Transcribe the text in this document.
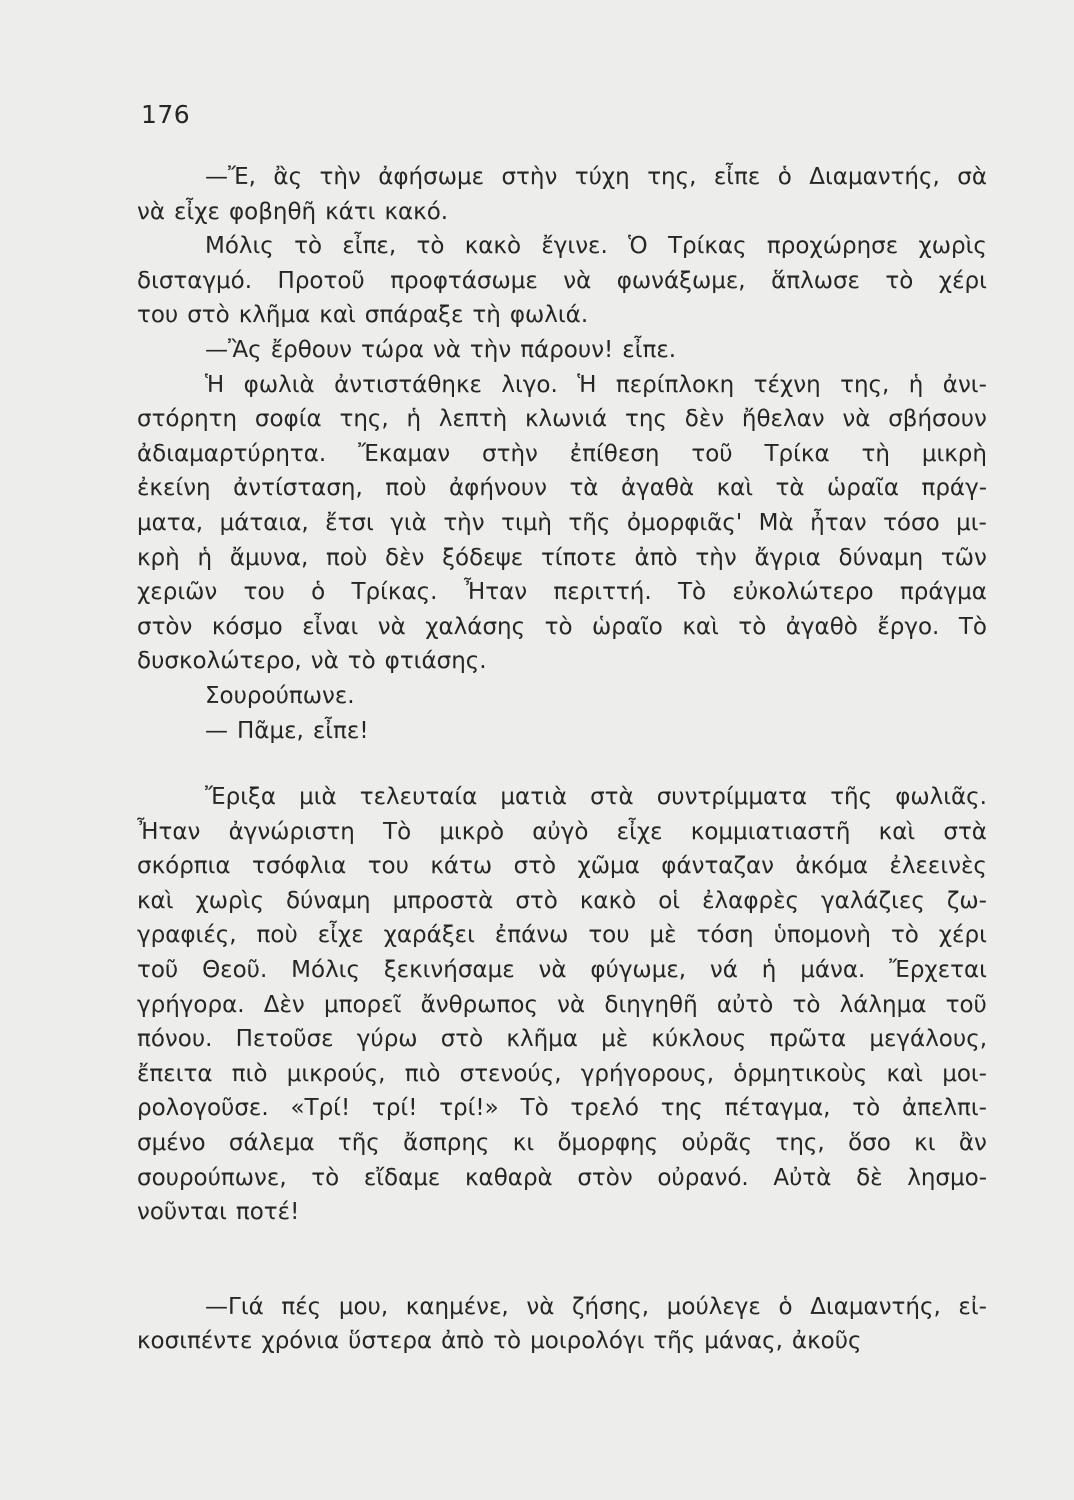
176

—Ἔ, ἂς τὴν ἀφήσωμε στὴν τύχη της, εἶπε ὁ Διαμαντής, σὰ
νὰ εἶχε φοβηθῆ κάτι κακό.
Μόλις τὸ εἶπε, τὸ κακὸ ἔγινε. Ὁ Τρίκας προχώρησε χωρὶς
δισταγμό. Προτοῦ προφτάσωμε νὰ φωνάξωμε, ἅπλωσε τὸ χέρι
του στὸ κλῆμα καὶ σπάραξε τὴ φωλιά.
—Ἂς ἔρθουν τώρα νὰ τὴν πάρουν! εἶπε.
Ἡ φωλιὰ ἀντιστάθηκε λιγο. Ἡ περίπλοκη τέχνη της, ἡ ἀνι-
στόρητη σοφία της, ἡ λεπτὴ κλωνιά της δὲν ἤθελαν νὰ σβήσουν
ἀδιαμαρτύρητα. Ἔκαμαν στὴν ἐπίθεση τοῦ Τρίκα τὴ μικρὴ
ἐκείνη ἀντίσταση, ποὺ ἀφήνουν τὰ ἀγαθὰ καὶ τὰ ὡραῖα πράγ-
ματα, μάταια, ἔτσι γιὰ τὴν τιμὴ τῆς ὀμορφιᾶς' Μὰ ἦταν τόσο μι-
κρὴ ἡ ἄμυνα, ποὺ δὲν ξόδεψε τίποτε ἀπὸ τὴν ἄγρια δύναμη τῶν
χεριῶν του ὁ Τρίκας. Ἦταν περιττή. Τὸ εὐκολώτερο πράγμα
στὸν κόσμο εἶναι νὰ χαλάσης τὸ ὡραῖο καὶ τὸ ἀγαθὸ ἔργο. Τὸ
δυσκολώτερο, νὰ τὸ φτιάσης.
Σουρούπωνε.
— Πᾶμε, εἶπε!
Ἔριξα μιὰ τελευταία ματιὰ στὰ συντρίμματα τῆς φωλιᾶς.
Ἦταν ἀγνώριστη Τὸ μικρὸ αὐγὸ εἶχε κομμιατιαστῆ καὶ στὰ
σκόρπια τσόφλια του κάτω στὸ χῶμα φάνταζαν ἀκόμα ἐλεεινὲς
καὶ χωρὶς δύναμη μπροστὰ στὸ κακὸ οἱ ἐλαφρὲς γαλάζιες ζω-
γραφιές, ποὺ εἶχε χαράξει ἐπάνω του μὲ τόση ὑπομονὴ τὸ χέρι
τοῦ Θεοῦ. Μόλις ξεκινήσαμε νὰ φύγωμε, νά ἡ μάνα. Ἔρχεται
γρήγορα. Δὲν μπορεῖ ἄνθρωπος νὰ διηγηθῆ αὐτὸ τὸ λάλημα τοῦ
πόνου. Πετοῦσε γύρω στὸ κλῆμα μὲ κύκλους πρῶτα μεγάλους,
ἔπειτα πιὸ μικρούς, πιὸ στενούς, γρήγορους, ὁρμητικοὺς καὶ μοι-
ρολογοῦσε. «Τρί! τρί! τρί!» Τὸ τρελό της πέταγμα, τὸ ἀπελπι-
σμένο σάλεμα τῆς ἄσπρης κι ὄμορφης οὐρᾶς της, ὅσο κι ἂν
σουρούπωνε, τὸ εἴδαμε καθαρὰ στὸν οὐρανό. Αὐτὰ δὲ λησμο-
νοῦνται ποτέ!
—Γιά πές μου, καημένε, νὰ ζήσης, μούλεγε ὁ Διαμαντής, εἰ-
κοσιπέντε χρόνια ὕστερα ἀπὸ τὸ μοιρολόγι τῆς μάνας, ἀκοῦς
